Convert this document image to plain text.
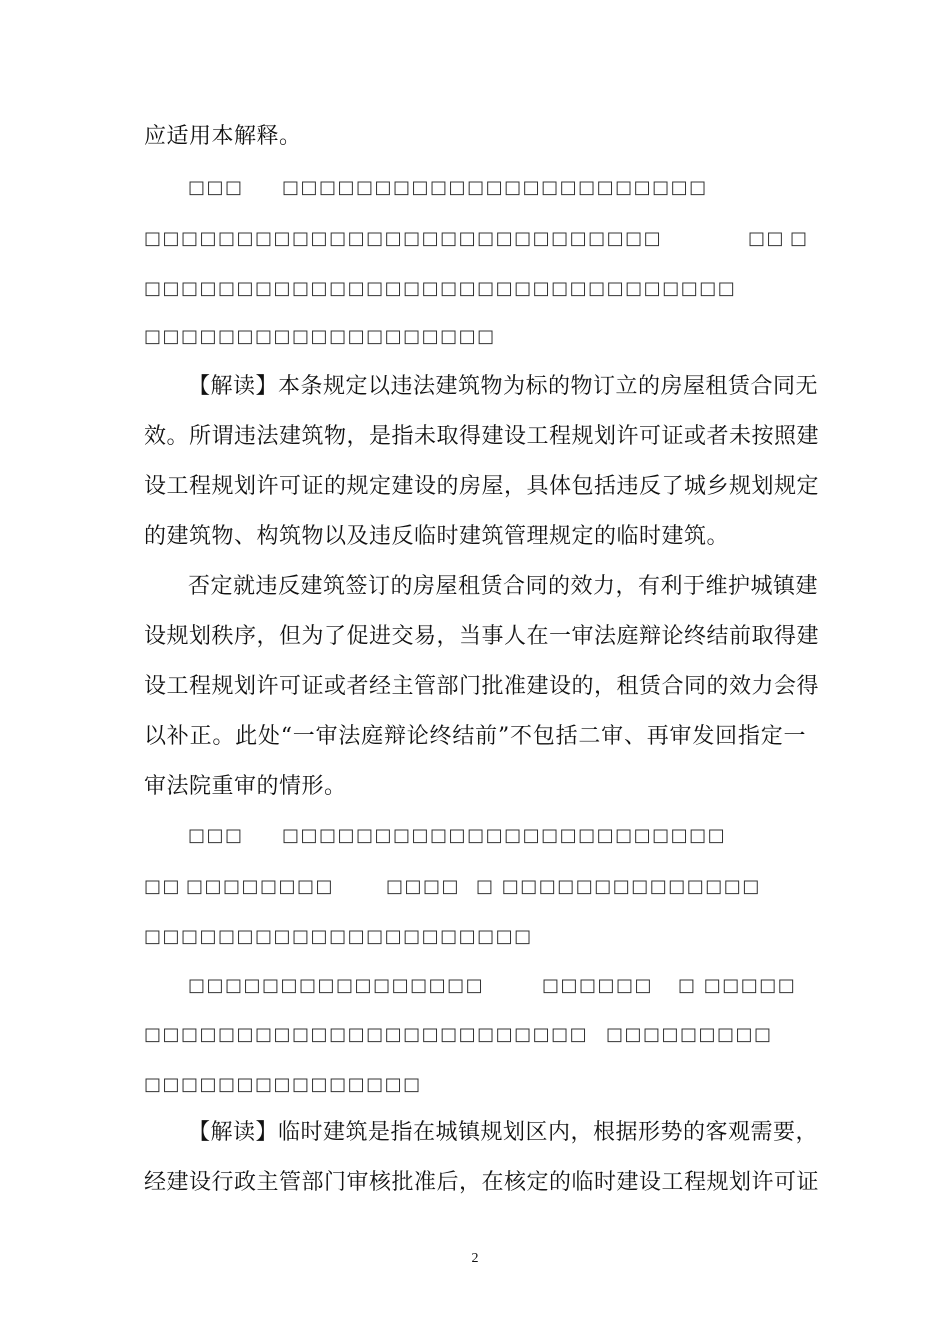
应适用本解释。
□□□ □□□□□□□□□□□□□□□□□□□□□□□
□□□□□□□□□□□□□□□□□□□□□□□□□□□□	□□ □
□□□□□□□□□□□□□□□□□□□□□□□□□□□□□□□□
□□□□□□□□□□□□□□□□□□□
【解读】本条规定以违法建筑物为标的物订立的房屋租赁合同无
效。所谓违法建筑物，是指未取得建设工程规划许可证或者未按照建
设工程规划许可证的规定建设的房屋，具体包括违反了城乡规划规定
的建筑物、构筑物以及违反临时建筑管理规定的临时建筑。
否定就违反建筑签订的房屋租赁合同的效力，有利于维护城镇建
设规划秩序，但为了促进交易，当事人在一审法庭辩论终结前取得建
设工程规划许可证或者经主管部门批准建设的，租赁合同的效力会得
以补正。此处“一审法庭辩论终结前”不包括二审、再审发回指定一
审法院重审的情形。
□□□ □□□□□□□□□□□□□□□□□□□□□□□□
□□ □□□□□□□□	□□□□ □ □□□□□□□□□□□□□□
□□□□□□□□□□□□□□□□□□□□□
□□□□□□□□□□□□□□□□	□□□□□□ □ □□□□□
□□□□□□□□□□□□□□□□□□□□□□□□ □□□□□□□□□
□□□□□□□□□□□□□□□
【解读】临时建筑是指在城镇规划区内，根据形势的客观需要，
经建设行政主管部门审核批准后，在核定的临时建设工程规划许可证
2
